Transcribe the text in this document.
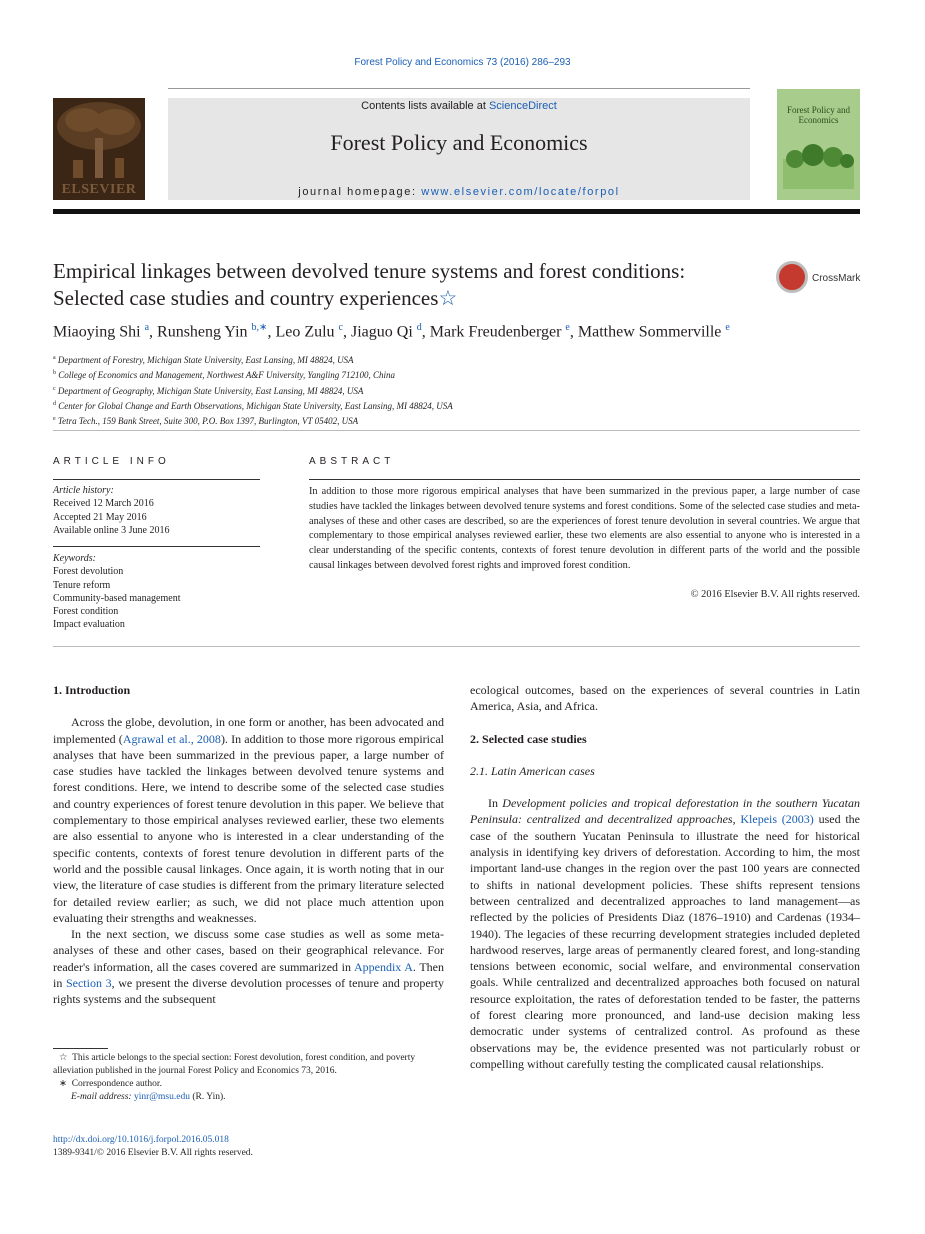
Forest Policy and Economics 73 (2016) 286–293
ELSEVIER
Contents lists available at ScienceDirect
Forest Policy and Economics
journal homepage: www.elsevier.com/locate/forpol
Forest Policy and Economics
Empirical linkages between devolved tenure systems and forest conditions: Selected case studies and country experiences☆
CrossMark
Miaoying Shi $^a$, Runsheng Yin $^{b,∗}$, Leo Zulu $^c$, Jiaguo Qi $^d$, Mark Freudenberger $^e$, Matthew Sommerville $^e$
$^a$ Department of Forestry, Michigan State University, East Lansing, MI 48824, USA
$^b$ College of Economics and Management, Northwest A&F University, Yangling 712100, China
$^c$ Department of Geography, Michigan State University, East Lansing, MI 48824, USA
$^d$ Center for Global Change and Earth Observations, Michigan State University, East Lansing, MI 48824, USA
$^e$ Tetra Tech., 159 Bank Street, Suite 300, P.O. Box 1397, Burlington, VT 05402, USA
ARTICLE INFO
Article history:
Received 12 March 2016
Accepted 21 May 2016
Available online 3 June 2016
Keywords:
Forest devolution
Tenure reform
Community-based management
Forest condition
Impact evaluation
ABSTRACT
In addition to those more rigorous empirical analyses that have been summarized in the previous paper, a large number of case studies have tackled the linkages between devolved tenure systems and forest conditions. Some of the selected case studies and meta-analyses of these and other cases are described, so are the experiences of forest tenure devolution in several countries. We argue that complementary to those empirical analyses reviewed earlier, these two elements are also essential to anyone who is interested in a clear understanding of the specific contents, contexts of forest tenure devolution in different parts of the world and the possible causal linkages between devolved forest rights and improved forest condition.
© 2016 Elsevier B.V. All rights reserved.

1. Introduction

Across the globe, devolution, in one form or another, has been advocated and implemented (Agrawal et al., 2008). In addition to those more rigorous empirical analyses that have been summarized in the previous paper, a large number of case studies have tackled the linkages between devolved tenure systems and forest conditions. Here, we intend to describe some of the selected case studies and country experiences of forest tenure devolution in this paper. We believe that complementary to those empirical analyses reviewed earlier, these two elements are also essential to anyone who is interested in a clear understanding of the specific contents, contexts of forest tenure devolution in different parts of the world and the possible causal linkages. Once again, it is worth noting that in our view, the literature of case studies is different from the primary literature selected for detailed review earlier; as such, we did not place much attention upon evaluating their strengths and weaknesses.

In the next section, we discuss some case studies as well as some meta-analyses of these and other cases, based on their geographical relevance. For reader's information, all the cases covered are summarized in Appendix A. Then in Section 3, we present the diverse devolution processes of tenure and property rights systems and the subsequent

☆ This article belongs to the special section: Forest devolution, forest condition, and poverty alleviation published in the journal Forest Policy and Economics 73, 2016.
∗ Correspondence author.
E-mail address: yinr@msu.edu (R. Yin).
http://dx.doi.org/10.1016/j.forpol.2016.05.018
1389-9341/© 2016 Elsevier B.V. All rights reserved.

ecological outcomes, based on the experiences of several countries in Latin America, Asia, and Africa.

2. Selected case studies

2.1. Latin American cases

In Development policies and tropical deforestation in the southern Yucatan Peninsula: centralized and decentralized approaches, Klepeis (2003) used the case of the southern Yucatan Peninsula to illustrate the need for historical analysis in identifying key drivers of deforestation. According to him, the most important land-use changes in the region over the past 100 years are connected to shifts in national development policies. These shifts represent tensions between centralized and decentralized approaches to land management—as reflected by the policies of Presidents Diaz (1876–1910) and Cardenas (1934–1940). The legacies of these recurring development strategies included depleted hardwood reserves, large areas of permanently cleared forest, and long-standing tensions between economic, social welfare, and environmental conservation goals. While centralized and decentralized approaches both focused on natural resource exploitation, the rates of deforestation tended to be faster, the patterns of forest clearing more pronounced, and land-use decision making less democratic under systems of centralized control. As profound as these observations may be, the evidence presented was not particularly robust or compelling without carefully testing the complicated causal relationships.
